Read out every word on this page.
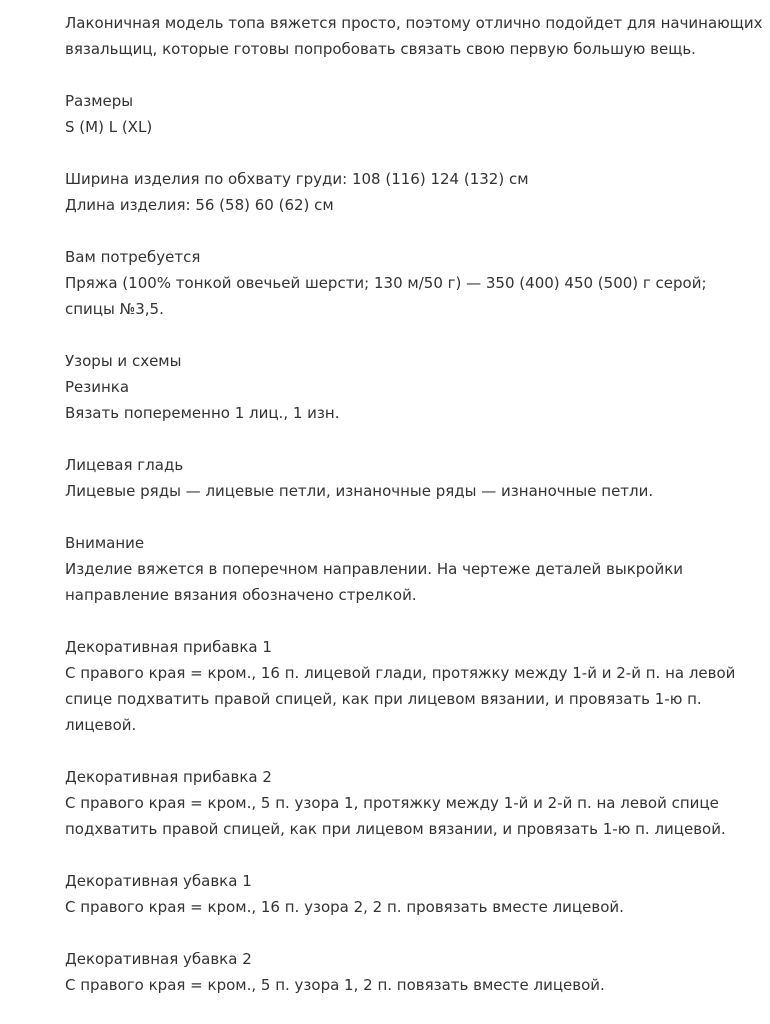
Лаконичная модель топа вяжется просто, поэтому отлично подойдет для начинающих
вязальщиц, которые готовы попробовать связать свою первую большую вещь.

Размеры
S (M) L (XL)

Ширина изделия по обхвату груди: 108 (116) 124 (132) см
Длина изделия: 56 (58) 60 (62) см

Вам потребуется
Пряжа (100% тонкой овечьей шерсти; 130 м/50 г) — 350 (400) 450 (500) г серой;
спицы №3,5.

Узоры и схемы
Резинка
Вязать попеременно 1 лиц., 1 изн.

Лицевая гладь
Лицевые ряды — лицевые петли, изнаночные ряды — изнаночные петли.

Внимание
Изделие вяжется в поперечном направлении. На чертеже деталей выкройки
направление вязания обозначено стрелкой.

Декоративная прибавка 1
С правого края = кром., 16 п. лицевой глади, протяжку между 1-й и 2-й п. на левой
спице подхватить правой спицей, как при лицевом вязании, и провязать 1-ю п.
лицевой.

Декоративная прибавка 2
С правого края = кром., 5 п. узора 1, протяжку между 1-й и 2-й п. на левой спице
подхватить правой спицей, как при лицевом вязании, и провязать 1-ю п. лицевой.

Декоративная убавка 1
С правого края = кром., 16 п. узора 2, 2 п. провязать вместе лицевой.

Декоративная убавка 2
С правого края = кром., 5 п. узора 1, 2 п. повязать вместе лицевой.
